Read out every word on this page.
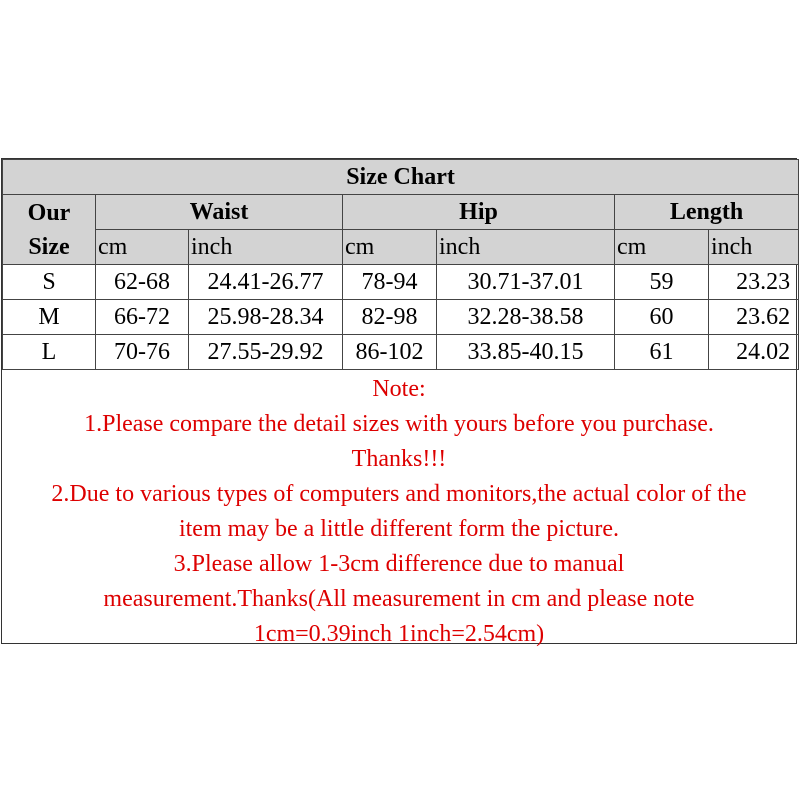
Size Chart						

Our
Size	Waist		Hip		Length	
	cm	inch	cm	inch	cm	inch
S	62-68	24.41-26.77	78-94	30.71-37.01	59	23.23
M	66-72	25.98-28.34	82-98	32.28-38.58	60	23.62
L	70-76	27.55-29.92	86-102	33.85-40.15	61	24.02
Note:
1.Please compare the detail sizes with yours before you purchase.
Thanks!!!
2.Due to various types of computers and monitors,the actual color of the
item may be a little different form the picture.
3.Please allow 1-3cm difference due to manual
measurement.Thanks(All measurement in cm and please note
1cm=0.39inch 1inch=2.54cm)
